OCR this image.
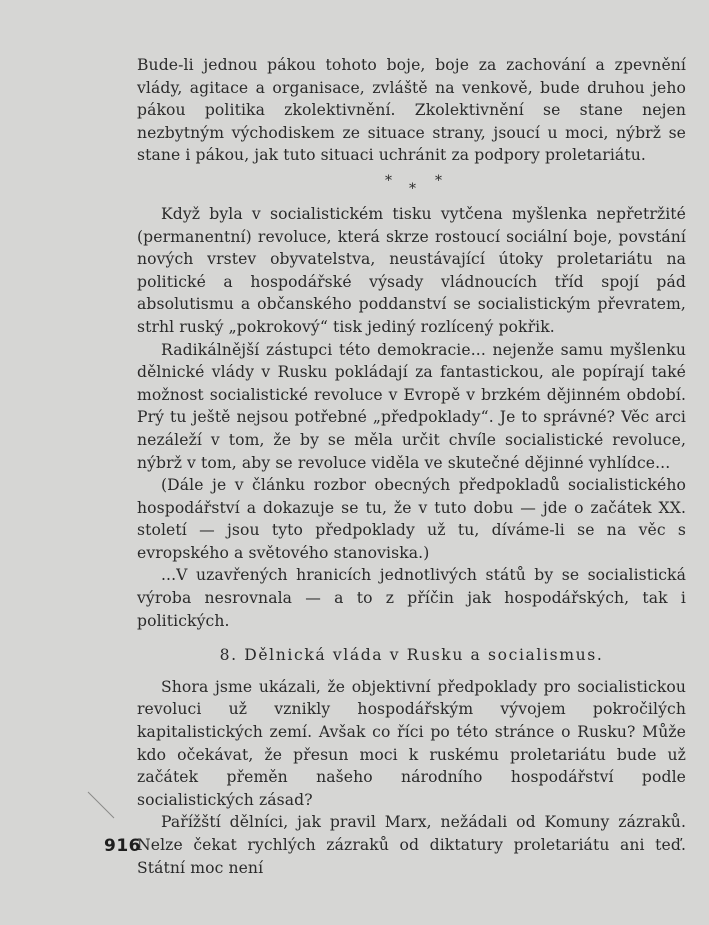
Bude-li jednou pákou tohoto boje, boje za zachování a zpevnění vlády, agitace a organisace, zvláště na venkově, bude druhou jeho pákou politika zkolektivnění. Zkolektivnění se stane nejen nezbytným východiskem ze situace strany, jsoucí u moci, nýbrž se stane i pákou, jak tuto situaci uchránit za podpory proletariátu.

* * *

Když byla v socialistickém tisku vytčena myšlenka nepřetržité (permanentní) revoluce, která skrze rostoucí sociální boje, povstání nových vrstev obyvatelstva, neustávající útoky proletariátu na politické a hospodářské výsady vládnoucích tříd spojí pád absolutismu a občanského poddanství se socialistickým převratem, strhl ruský „pokrokový“ tisk jediný rozlícený pokřik.

Radikálnější zástupci této demokracie... nejenže samu myšlenku dělnické vlády v Rusku pokládají za fantastickou, ale popírají také možnost socialistické revoluce v Evropě v brzkém dějinném období. Prý tu ještě nejsou potřebné „předpoklady“. Je to správné? Věc arci nezáleží v tom, že by se měla určit chvíle socialistické revoluce, nýbrž v tom, aby se revoluce viděla ve skutečné dějinné vyhlídce...

(Dále je v článku rozbor obecných předpokladů socialistického hospodářství a dokazuje se tu, že v tuto dobu — jde o začátek XX. století — jsou tyto předpoklady už tu, díváme-li se na věc s evropského a světového stanoviska.)

...V uzavřených hranicích jednotlivých států by se socialistická výroba nesrovnala — a to z příčin jak hospodářských, tak i politických.

8. Dělnická vláda v Rusku a socialismus.

Shora jsme ukázali, že objektivní předpoklady pro socialistickou revoluci už vznikly hospodářským vývojem pokročilých kapitalistických zemí. Avšak co říci po této stránce o Rusku? Může kdo očekávat, že přesun moci k ruskému proletariátu bude už začátek přeměn našeho národního hospodářství podle socialistických zásad?

Pařížští dělníci, jak pravil Marx, nežádali od Komuny zázraků. Nelze čekat rychlých zázraků od diktatury proletariátu ani teď. Státní moc není

916
